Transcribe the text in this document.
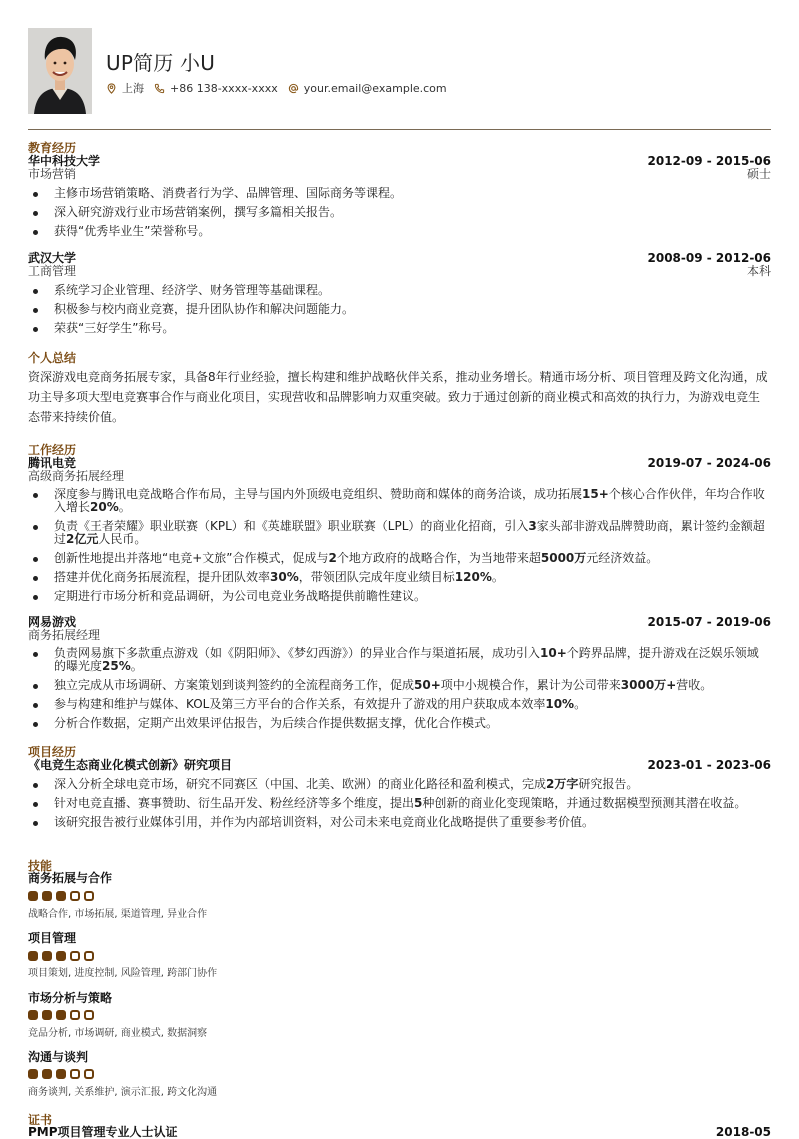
UP简历 小U
上海 +86 138-xxxx-xxxx your.email@example.com
教育经历
华中科技大学
市场营销
2012-09 - 2015-06
硕士
主修市场营销策略、消费者行为学、品牌管理、国际商务等课程。
深入研究游戏行业市场营销案例，撰写多篇相关报告。
获得“优秀毕业生”荣誉称号。
武汉大学
工商管理
2008-09 - 2012-06
本科
系统学习企业管理、经济学、财务管理等基础课程。
积极参与校内商业竞赛，提升团队协作和解决问题能力。
荣获“三好学生”称号。
个人总结
资深游戏电竞商务拓展专家，具备8年行业经验，擅长构建和维护战略伙伴关系，推动业务增长。精通市场分析、项目管理及跨文化沟通，成功主导多项大型电竞赛事合作与商业化项目，实现营收和品牌影响力双重突破。致力于通过创新的商业模式和高效的执行力，为游戏电竞生态带来持续价值。
工作经历
腾讯电竞
高级商务拓展经理
2019-07 - 2024-06
深度参与腾讯电竞战略合作布局，主导与国内外顶级电竞组织、赞助商和媒体的商务洽谈，成功拓展15+个核心合作伙伴，年均合作收入增长20%。
负责《王者荣耀》职业联赛（KPL）和《英雄联盟》职业联赛（LPL）的商业化招商，引入3家头部非游戏品牌赞助商，累计签约金额超过2亿元人民币。
创新性地提出并落地“电竞+文旅”合作模式，促成与2个地方政府的战略合作，为当地带来超5000万元经济效益。
搭建并优化商务拓展流程，提升团队效率30%，带领团队完成年度业绩目标120%。
定期进行市场分析和竞品调研，为公司电竞业务战略提供前瞻性建议。
网易游戏
商务拓展经理
2015-07 - 2019-06
负责网易旗下多款重点游戏（如《阴阳师》、《梦幻西游》）的异业合作与渠道拓展，成功引入10+个跨界品牌，提升游戏在泛娱乐领域的曝光度25%。
独立完成从市场调研、方案策划到谈判签约的全流程商务工作，促成50+项中小规模合作，累计为公司带来3000万+营收。
参与构建和维护与媒体、KOL及第三方平台的合作关系，有效提升了游戏的用户获取成本效率10%。
分析合作数据，定期产出效果评估报告，为后续合作提供数据支撑，优化合作模式。
项目经历
《电竞生态商业化模式创新》研究项目	2023-01 - 2023-06
深入分析全球电竞市场，研究不同赛区（中国、北美、欧洲）的商业化路径和盈利模式，完成2万字研究报告。
针对电竞直播、赛事赞助、衍生品开发、粉丝经济等多个维度，提出5种创新的商业化变现策略，并通过数据模型预测其潜在收益。
该研究报告被行业媒体引用，并作为内部培训资料，对公司未来电竞商业化战略提供了重要参考价值。
技能
商务拓展与合作
战略合作, 市场拓展, 渠道管理, 异业合作
项目管理
项目策划, 进度控制, 风险管理, 跨部门协作
市场分析与策略
竞品分析, 市场调研, 商业模式, 数据洞察
沟通与谈判
商务谈判, 关系维护, 演示汇报, 跨文化沟通
证书
PMP项目管理专业人士认证	2018-05
